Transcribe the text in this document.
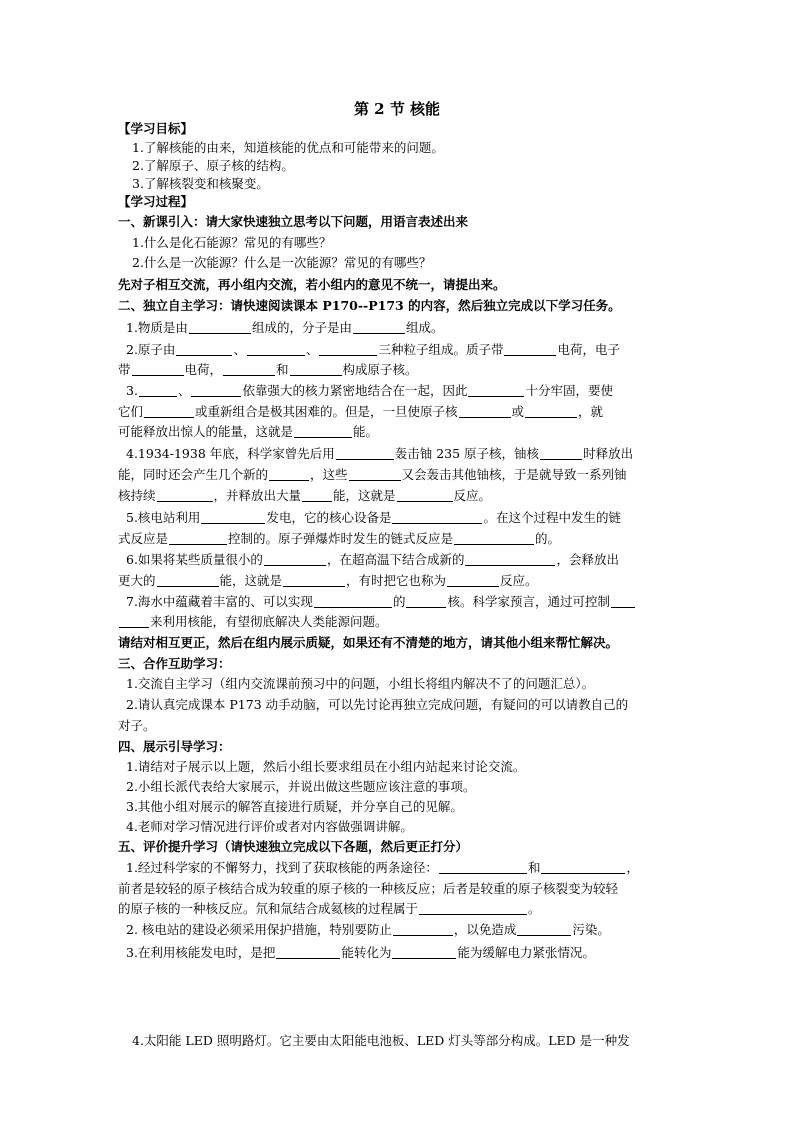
第 2 节 核能
【学习目标】
1.了解核能的由来，知道核能的优点和可能带来的问题。
2.了解原子、原子核的结构。
3.了解核裂变和核聚变。
【学习过程】
一、新课引入：请大家快速独立思考以下问题，用语言表述出来
1.什么是化石能源？常见的有哪些？
2.什么是一次能源？什么是一次能源？常见的有哪些？
先对子相互交流，再小组内交流，若小组内的意见不统一，请提出来。
二、独立自主学习：请快速阅读课本 P170--P173 的内容，然后独立完成以下学习任务。
1.物质是由	组成的，分子是由	组成。
2.原子由	、	、	三种粒子组成。质子带	电荷，电子
带	电荷，	和	构成原子核。
3.	、	依靠强大的核力紧密地结合在一起，因此	十分牢固，要使
它们	或重新组合是极其困难的。但是，一旦使原子核	或	，就
可能释放出惊人的能量，这就是	能。
4.1934-1938 年底，科学家曾先后用	轰击铀 235 原子核，铀核	时释放出
能，同时还会产生几个新的	，这些	又会轰击其他铀核，于是就导致一系列铀
核持续	，并释放出大量	能，这就是	反应。
5.核电站利用	发电，它的核心设备是	。在这个过程中发生的链
式反应是	控制的。原子弹爆炸时发生的链式反应是	的。
6.如果将某些质量很小的	，在超高温下结合成新的	，会释放出
更大的	能，这就是	，有时把它也称为	反应。
7.海水中蕴藏着丰富的、可以实现	的	核。科学家预言，通过可控制
来利用核能，有望彻底解决人类能源问题。
请结对相互更正，然后在组内展示质疑，如果还有不清楚的地方，请其他小组来帮忙解决。
三、合作互助学习：
1.交流自主学习（组内交流课前预习中的问题，小组长将组内解决不了的问题汇总）。
2.请认真完成课本 P173 动手动脑，可以先讨论再独立完成问题，有疑问的可以请教自己的
对子。
四、展示引导学习：
1.请结对子展示以上题，然后小组长要求组员在小组内站起来讨论交流。
2.小组长派代表给大家展示，并说出做这些题应该注意的事项。
3.其他小组对展示的解答直接进行质疑，并分享自己的见解。
4.老师对学习情况进行评价或者对内容做强调讲解。
五、评价提升学习（请快速独立完成以下各题，然后更正打分）
1.经过科学家的不懈努力，找到了获取核能的两条途径：	和	，
前者是较轻的原子核结合成为较重的原子核的一种核反应；后者是较重的原子核裂变为较轻
的原子核的一种核反应。氘和氚结合成氦核的过程属于	。
2. 核电站的建设必须采用保护措施，特别要防止	，以免造成	污染。
3.在利用核能发电时，是把	能转化为	能为缓解电力紧张情况。
4.太阳能 LED 照明路灯。它主要由太阳能电池板、LED 灯头等部分构成。LED 是一种发
